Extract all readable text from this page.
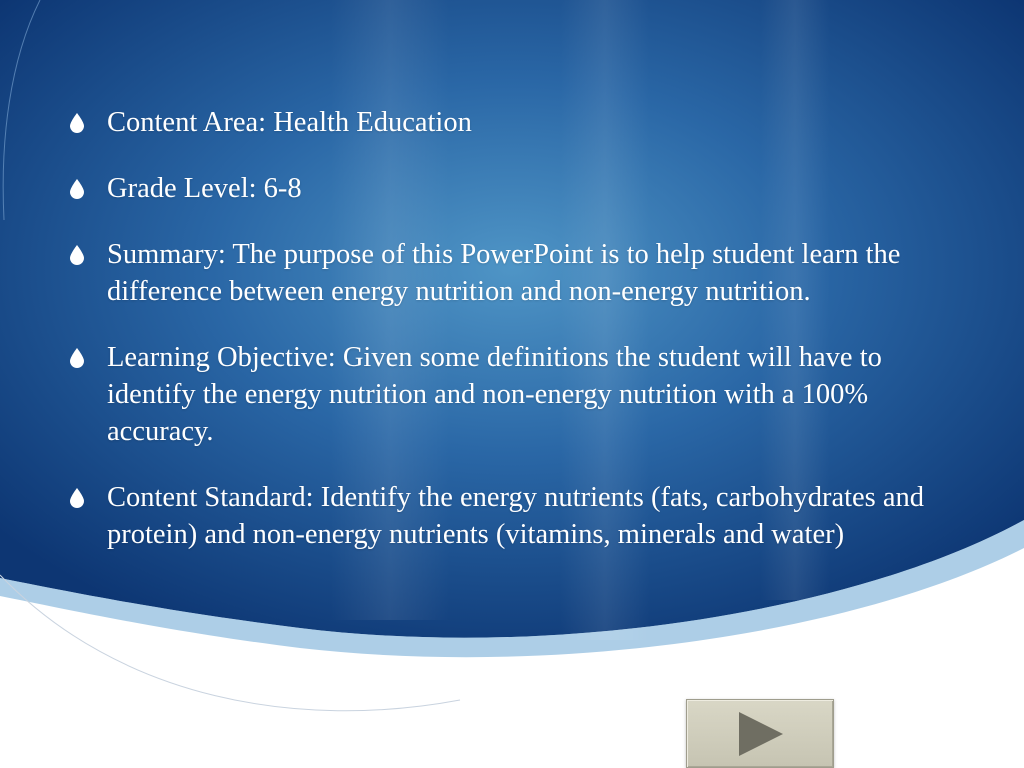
Content Area: Health Education
Grade Level: 6-8
Summary: The purpose of this PowerPoint is to help student learn the difference between energy nutrition and non-energy nutrition.
Learning Objective: Given some definitions the student will have to identify the energy nutrition and non-energy nutrition with a 100% accuracy.
Content Standard: Identify the energy nutrients (fats, carbohydrates and protein) and non-energy nutrients (vitamins, minerals and water)
